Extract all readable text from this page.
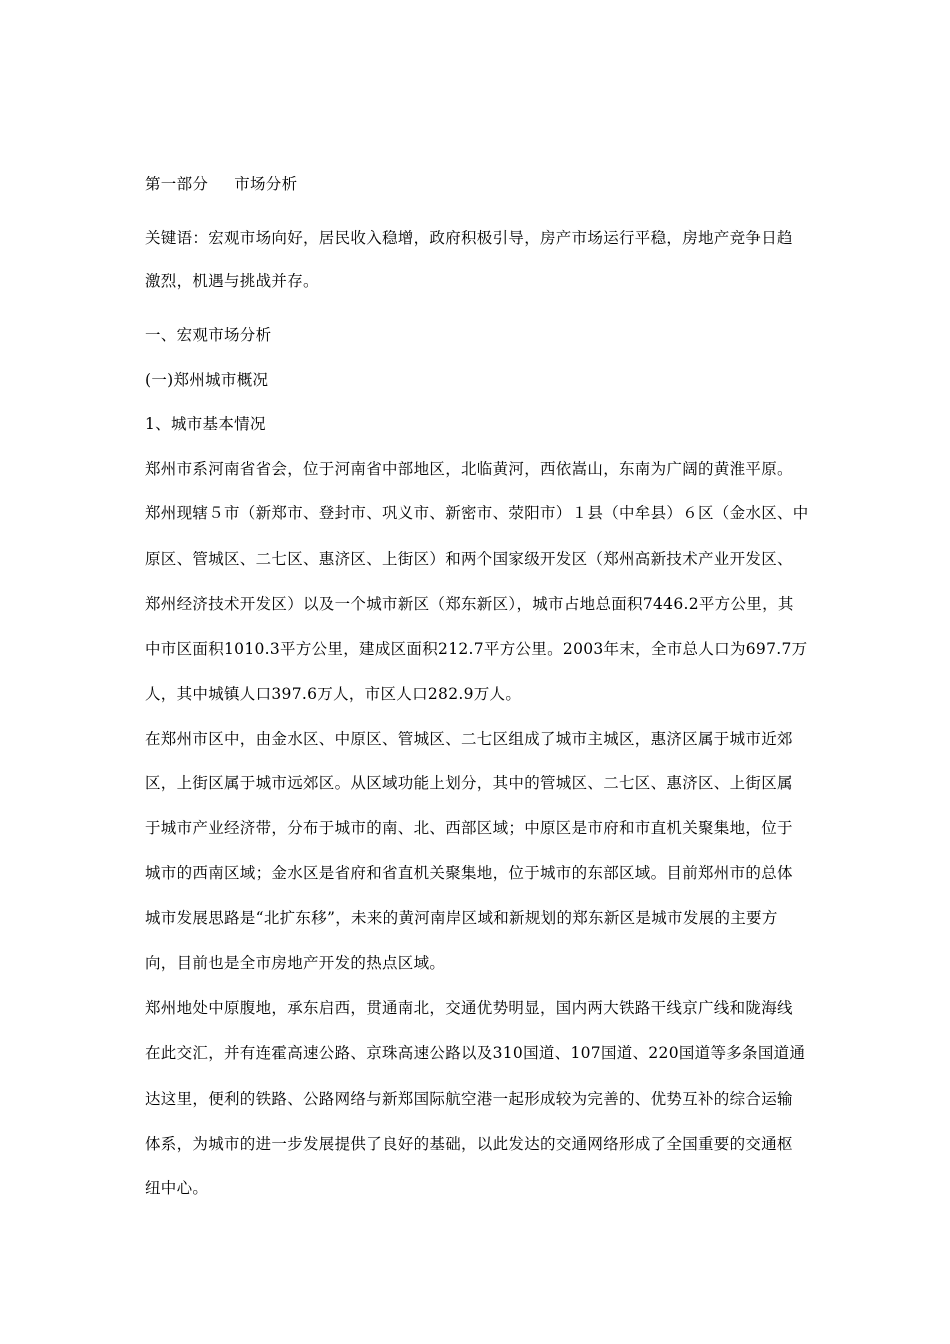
第一部分 市场分析
关键语：宏观市场向好，居民收入稳增，政府积极引导，房产市场运行平稳，房地产竞争日趋
激烈，机遇与挑战并存。
一、宏观市场分析
(一)郑州城市概况
1、城市基本情况
郑州市系河南省省会，位于河南省中部地区，北临黄河，西依嵩山，东南为广阔的黄淮平原。
郑州现辖５市（新郑市、登封市、巩义市、新密市、荥阳市）１县（中牟县）６区（金水区、中
原区、管城区、二七区、惠济区、上街区）和两个国家级开发区（郑州高新技术产业开发区、
郑州经济技术开发区）以及一个城市新区（郑东新区），城市占地总面积7446.2平方公里，其
中市区面积1010.3平方公里，建成区面积212.7平方公里。2003年末，全市总人口为697.7万
人，其中城镇人口397.6万人，市区人口282.9万人。
在郑州市区中，由金水区、中原区、管城区、二七区组成了城市主城区，惠济区属于城市近郊
区，上街区属于城市远郊区。从区域功能上划分，其中的管城区、二七区、惠济区、上街区属
于城市产业经济带，分布于城市的南、北、西部区域；中原区是市府和市直机关聚集地，位于
城市的西南区域；金水区是省府和省直机关聚集地，位于城市的东部区域。目前郑州市的总体
城市发展思路是“北扩东移”，未来的黄河南岸区域和新规划的郑东新区是城市发展的主要方
向，目前也是全市房地产开发的热点区域。
郑州地处中原腹地，承东启西，贯通南北，交通优势明显，国内两大铁路干线京广线和陇海线
在此交汇，并有连霍高速公路、京珠高速公路以及310国道、107国道、220国道等多条国道通
达这里，便利的铁路、公路网络与新郑国际航空港一起形成较为完善的、优势互补的综合运输
体系，为城市的进一步发展提供了良好的基础，以此发达的交通网络形成了全国重要的交通枢
纽中心。
